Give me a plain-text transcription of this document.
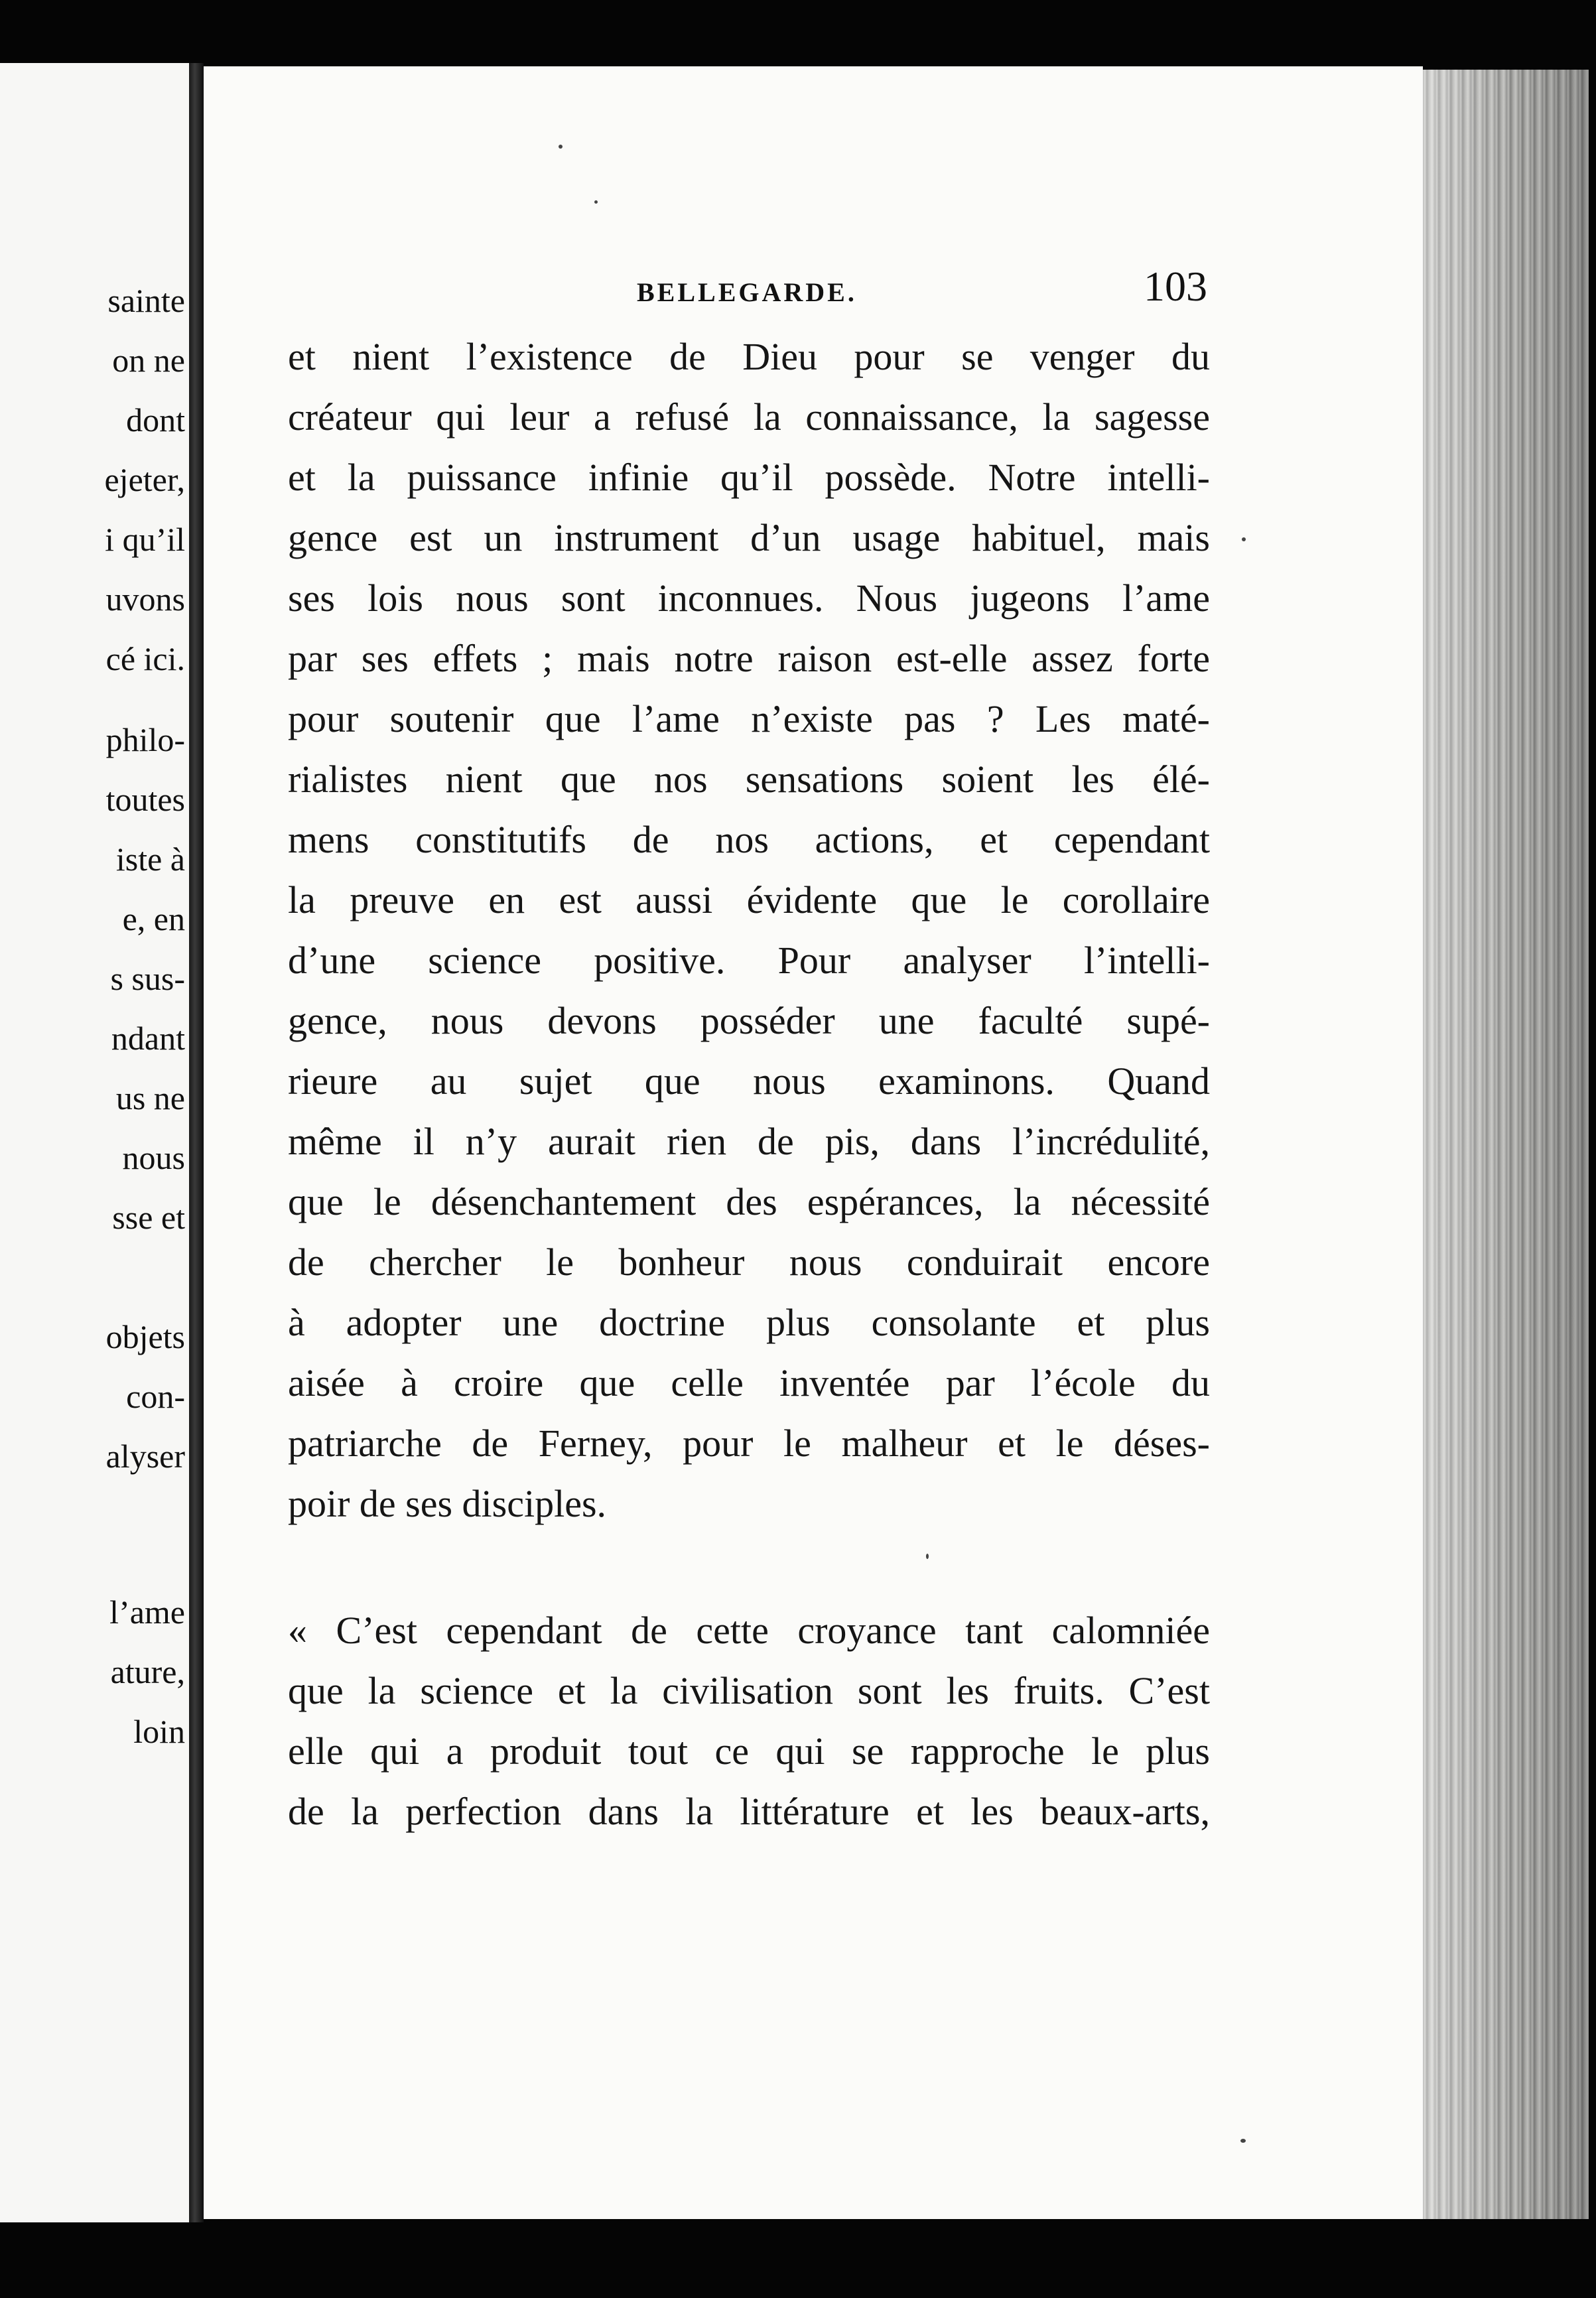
sainte
on ne
dont
ejeter,
i qu’il
uvons
cé ici.
philo-
toutes
iste à
e, en
s sus-
ndant
us ne
nous
sse et
objets
con-
alyser
l’ame
ature,
loin
BELLEGARDE.	103
et nient l’existence de Dieu pour se venger du
créateur qui leur a refusé la connaissance, la sagesse
et la puissance infinie qu’il possède. Notre intelli-
gence est un instrument d’un usage habituel, mais
ses lois nous sont inconnues. Nous jugeons l’ame
par ses effets ; mais notre raison est-elle assez forte
pour soutenir que l’ame n’existe pas ? Les maté-
rialistes nient que nos sensations soient les élé-
mens constitutifs de nos actions, et cependant
la preuve en est aussi évidente que le corollaire
d’une science positive. Pour analyser l’intelli-
gence, nous devons posséder une faculté supé-
rieure au sujet que nous examinons. Quand
même il n’y aurait rien de pis, dans l’incrédulité,
que le désenchantement des espérances, la nécessité
de chercher le bonheur nous conduirait encore
à adopter une doctrine plus consolante et plus
aisée à croire que celle inventée par l’école du
patriarche de Ferney, pour le malheur et le déses-
poir de ses disciples.
« C’est cependant de cette croyance tant calomniée
que la science et la civilisation sont les fruits. C’est
elle qui a produit tout ce qui se rapproche le plus
de la perfection dans la littérature et les beaux-arts,
